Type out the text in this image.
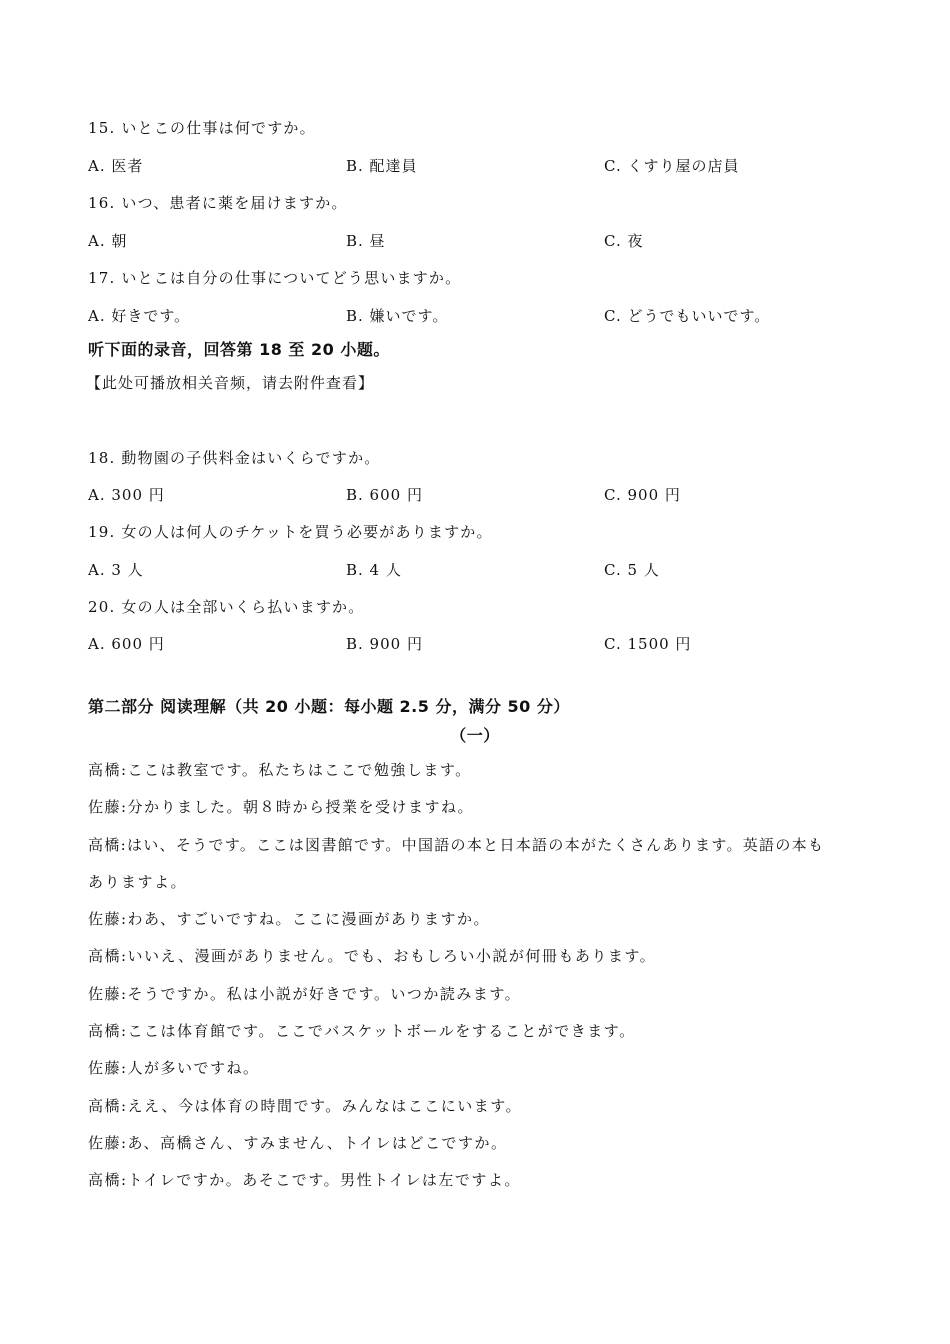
15. いとこの仕事は何ですか。
A. 医者	B. 配達員	C. くすり屋の店員
16. いつ、患者に薬を届けますか。
A. 朝	B. 昼	C. 夜
17. いとこは自分の仕事についてどう思いますか。
A. 好きです。	B. 嫌いです。	C. どうでもいいです。
听下面的录音，回答第 18 至 20 小题。
【此处可播放相关音频，请去附件查看】
18. 動物園の子供料金はいくらですか。
A. 300 円	B. 600 円	C. 900 円
19. 女の人は何人のチケットを買う必要がありますか。
A. 3 人	B. 4 人	C. 5 人
20. 女の人は全部いくら払いますか。
A. 600 円	B. 900 円	C. 1500 円
第二部分 阅读理解（共 20 小题：每小题 2.5 分，满分 50 分）
（一）
高橋:ここは教室です。私たちはここで勉強します。
佐藤:分かりました。朝８時から授業を受けますね。
高橋:はい、そうです。ここは図書館です。中国語の本と日本語の本がたくさんあります。英語の本も
ありますよ。
佐藤:わあ、すごいですね。ここに漫画がありますか。
高橋:いいえ、漫画がありません。でも、おもしろい小説が何冊もあります。
佐藤:そうですか。私は小説が好きです。いつか読みます。
高橋:ここは体育館です。ここでバスケットボールをすることができます。
佐藤:人が多いですね。
高橋:ええ、今は体育の時間です。みんなはここにいます。
佐藤:あ、高橋さん、すみません、トイレはどこですか。
高橋:トイレですか。あそこです。男性トイレは左ですよ。
